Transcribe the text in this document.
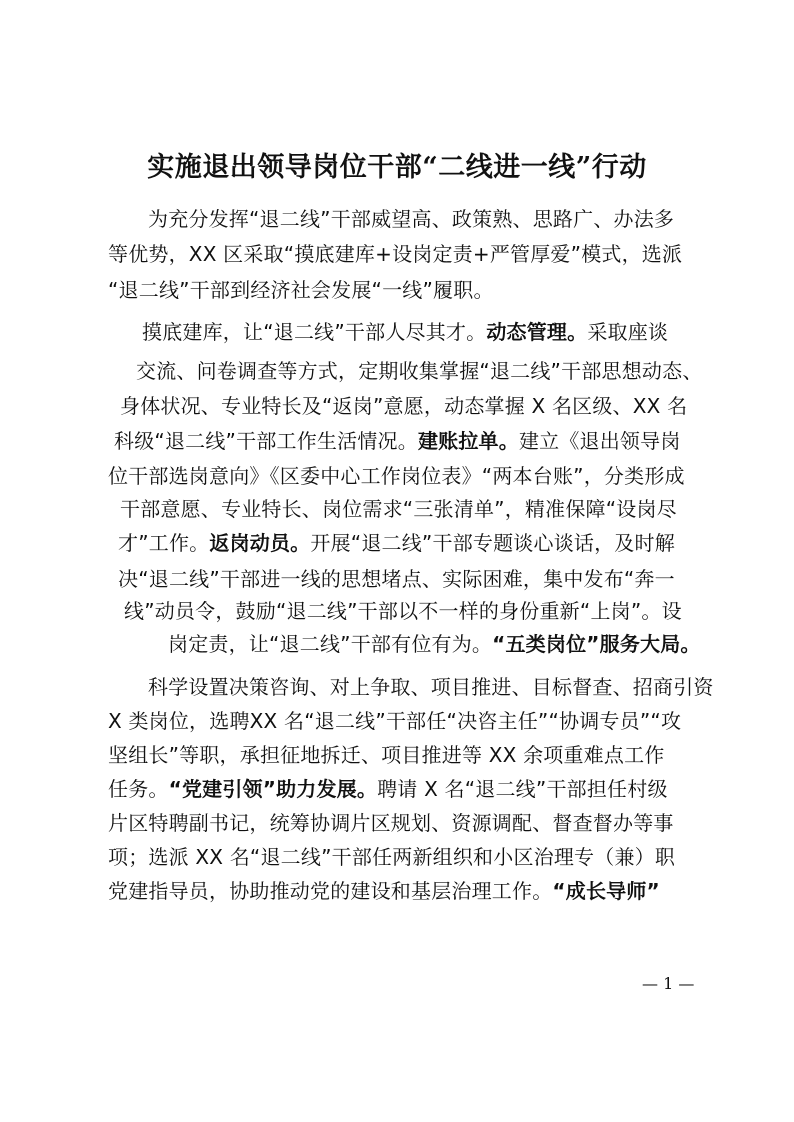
实施退出领导岗位干部“二线进一线”行动
为充分发挥“退二线”干部威望高、政策熟、思路广、办法多
等优势，XX 区采取“摸底建库+设岗定责+严管厚爱”模式，选派
“退二线”干部到经济社会发展“一线”履职。
摸底建库，让“退二线”干部人尽其才。动态管理。采取座谈
交流、问卷调查等方式，定期收集掌握“退二线”干部思想动态、
身体状况、专业特长及“返岗”意愿，动态掌握 X 名区级、XX 名
科级“退二线”干部工作生活情况。建账拉单。建立《退出领导岗
位干部选岗意向》《区委中心工作岗位表》“两本台账”，分类形成
干部意愿、专业特长、岗位需求“三张清单”，精准保障“设岗尽
才”工作。返岗动员。开展“退二线”干部专题谈心谈话，及时解
决“退二线”干部进一线的思想堵点、实际困难，集中发布“奔一
线”动员令，鼓励“退二线”干部以不一样的身份重新“上岗”。设
岗定责，让“退二线”干部有位有为。“五类岗位”服务大局。
科学设置决策咨询、对上争取、项目推进、目标督查、招商引资
X 类岗位，选聘XX 名“退二线”干部任“决咨主任”“协调专员”“攻
坚组长”等职，承担征地拆迁、项目推进等 XX 余项重难点工作
任务。“党建引领”助力发展。聘请 X 名“退二线”干部担任村级
片区特聘副书记，统筹协调片区规划、资源调配、督查督办等事
项；选派 XX 名“退二线”干部任两新组织和小区治理专（兼）职
党建指导员，协助推动党的建设和基层治理工作。“成长导师”
— 1 —
